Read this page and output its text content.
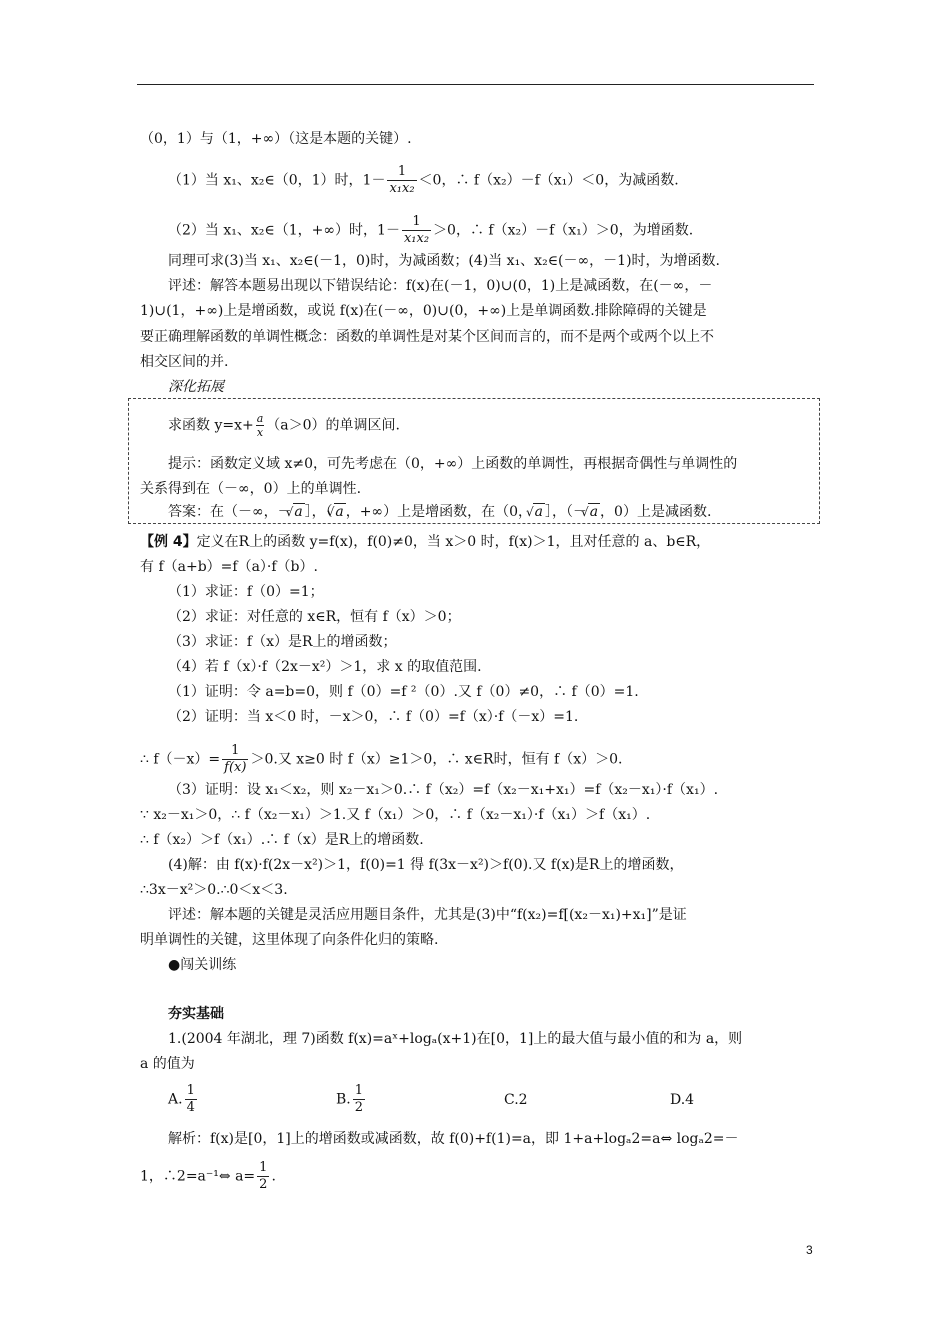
（0，1）与（1，+∞）（这是本题的关键）.
（1）当 x₁、x₂∈（0，1）时，$1- \frac{1}{\text{x₁x₂}} <0$，∴ f（x₂）－f（x₁）＜0，为减函数.
（2）当 x₁、x₂∈（1，+∞）时，$1- \frac{1}{\text{x₁x₂}} >0$，∴ f（x₂）－f（x₁）＞0，为增函数.
同理可求(3)当 x₁、x₂∈(－1，0)时，为减函数；(4)当 x₁、x₂∈(－∞，－1)时，为增函数.
评述：解答本题易出现以下错误结论：f(x)在(－1，0)∪(0，1)上是减函数，在(－∞，－
1)∪(1，+∞)上是增函数，或说 f(x)在(－∞，0)∪(0，+∞)上是单调函数.排除障碍的关键是
要正确理解函数的单调性概念：函数的单调性是对某个区间而言的，而不是两个或两个以上不
相交区间的并.
深化拓展
求函数 $y=x+ \frac{a}{x} (a>0)$的单调区间.
提示：函数定义域 x≠0，可先考虑在（0，+∞）上函数的单调性，再根据奇偶性与单调性的
关系得到在（－∞，0）上的单调性.
答案：在（－∞，－ √ a ］，（ √ a ，+∞）上是增函数，在（0， √ a ］，（－ √ a ，0）上是减函数.
【例 4】定义在R上的函数 y=f(x)，f(0)≠0，当 x＞0 时，f(x)＞1，且对任意的 a、b∈R，
有 f（a+b）=f（a）·f（b）.
（1）求证：f（0）=1；
（2）求证：对任意的 x∈R，恒有 f（x）＞0；
（3）求证：f（x）是R上的增函数；
（4）若 f（x）·f（2x－x²）＞1，求 x 的取值范围.
（1）证明：令 a=b=0，则 f（0）=f ²（0）.又 f（0）≠0，∴ f（0）=1.
（2）证明：当 x＜0 时，－x＞0，∴ f（0）=f（x）·f（－x）=1.
∴ $f(-x)= \frac{1}{f(x)} >0$.又 x≥0 时 f（x）≥1＞0，∴ x∈R时，恒有 f（x）＞0.
（3）证明：设 x₁＜x₂，则 x₂－x₁＞0.∴ f（x₂）=f（x₂－x₁+x₁）=f（x₂－x₁）·f（x₁）.
∵ x₂－x₁＞0，∴ f（x₂－x₁）＞1.又 f（x₁）＞0，∴ f（x₂－x₁）·f（x₁）＞f（x₁）.
∴ f（x₂）＞f（x₁）.∴ f（x）是R上的增函数.
(4)解：由 f(x)·f(2x－x²)＞1，f(0)=1 得 f(3x－x²)＞f(0).又 f(x)是R上的增函数，
∴3x－x²＞0.∴0＜x＜3.
评述：解本题的关键是灵活应用题目条件，尤其是(3)中“f(x₂)=f[(x₂－x₁)+x₁]”是证
明单调性的关键，这里体现了向条件化归的策略.
●闯关训练
夯实基础
1.(2004 年湖北，理 7)函数 f(x)=aˣ+logₐ(x+1)在[0，1]上的最大值与最小值的和为 a，则
a 的值为
A. $\frac{1}{4}$	B. $\frac{1}{2}$	C.2	D.4
解析：f(x)是[0，1]上的增函数或减函数，故 f(0)+f(1)=a，即 1+a+logₐ2=a⇔ logₐ2=－
1，∴2=a⁻¹⇔ $a= \frac{1}{2}$ .
3
